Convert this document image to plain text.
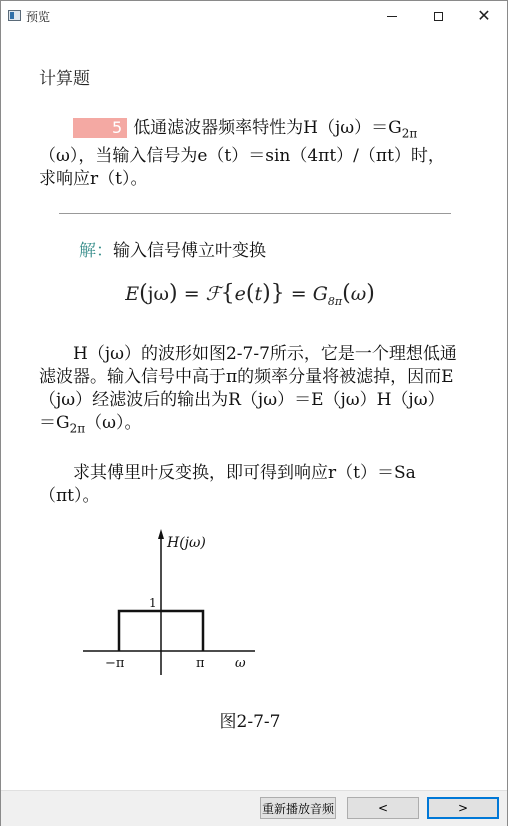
预览	✕
计算题
5 低通滤波器频率特性为$H(j\omega)=G_{2\pi}(\omega)$，当输入信号为e（t）＝sin（4πt）/（πt）时，求响应r（t）。
解：输入信号傅立叶变换
E(jω) = ℱ{e(t)} = $G_{8\pi}(\omega)$
H（jω）的波形如图2-7-7所示，它是一个理想低通滤波器。输入信号中高于π的频率分量将被滤掉，因而E（jω）经滤波后的输出为$R(j\omega)=E(j\omega)H(j\omega)=G_{2\pi}(\omega)$。
求其傅里叶反变换，即可得到响应r（t）＝Sa（πt）。
H(jω)
1
−π	π ω
图2-7-7
重新播放音频	<	>
